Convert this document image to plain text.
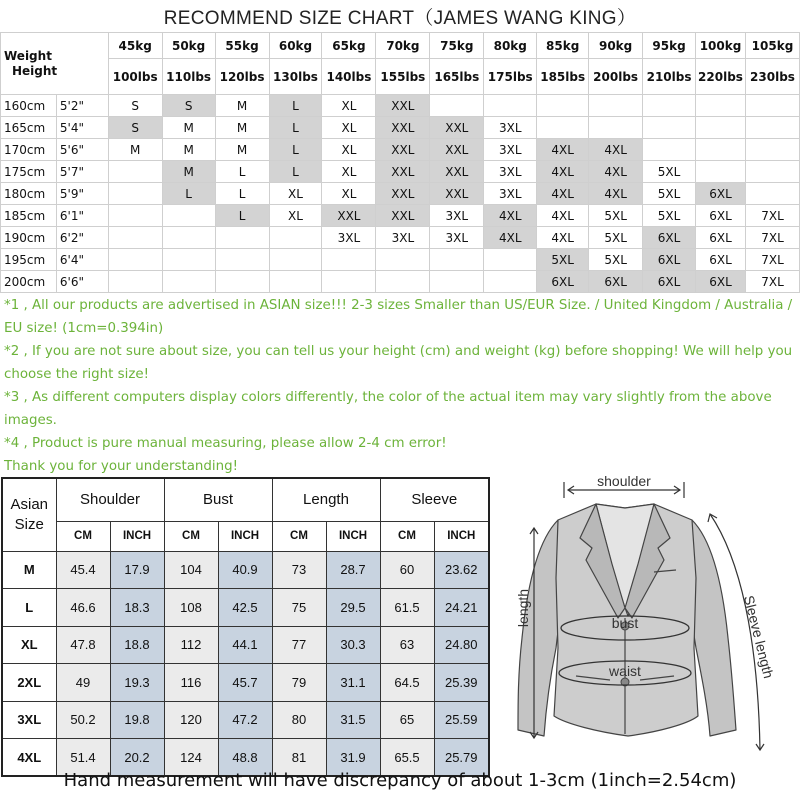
RECOMMEND SIZE CHART（JAMES WANG KING）
Weight
Height		45kg	50kg	55kg	60kg	65kg	70kg	75kg	80kg	85kg	90kg	95kg	100kg	105kg
		100lbs	110lbs	120lbs	130lbs	140lbs	155lbs	165lbs	175lbs	185lbs	200lbs	210lbs	220lbs	230lbs
160cm	5'2"	S	S	M	L	XL	XXL							
165cm	5'4"	S	M	M	L	XL	XXL	XXL	3XL					
170cm	5'6"	M	M	M	L	XL	XXL	XXL	3XL	4XL	4XL			
175cm	5'7"		M	L	L	XL	XXL	XXL	3XL	4XL	4XL	5XL		
180cm	5'9"		L	L	XL	XL	XXL	XXL	3XL	4XL	4XL	5XL	6XL	
185cm	6'1"			L	XL	XXL	XXL	3XL	4XL	4XL	5XL	5XL	6XL	7XL
190cm	6'2"					3XL	3XL	3XL	4XL	4XL	5XL	6XL	6XL	7XL
195cm	6'4"									5XL	5XL	6XL	6XL	7XL
200cm	6'6"									6XL	6XL	6XL	6XL	7XL

*1 , All our products are advertised in ASIAN size!!! 2-3 sizes Smaller than US/EUR Size. / United Kingdom / Australia / EU size! (1cm=0.394in)

*2 , If you are not sure about size, you can tell us your height (cm) and weight (kg) before shopping! We will help you choose the right size!

*3 , As different computers display colors differently, the color of the actual item may vary slightly from the above images.

*4 , Product is pure manual measuring, please allow 2-4 cm error!

Thank you for your understanding!

Asian
Size	Shoulder		Bust		Length		Sleeve	
	CM	INCH	CM	INCH	CM	INCH	CM	INCH
M	45.4	17.9	104	40.9	73	28.7	60	23.62
L	46.6	18.3	108	42.5	75	29.5	61.5	24.21
XL	47.8	18.8	112	44.1	77	30.3	63	24.80
2XL	49	19.3	116	45.7	79	31.1	64.5	25.39
3XL	50.2	19.8	120	47.2	80	31.5	65	25.59
4XL	51.4	20.2	124	48.8	81	31.9	65.5	25.79
shoulder
bust
waist
length	Sleeve length
Hand measurement will have discrepancy of about 1-3cm (1inch=2.54cm)
